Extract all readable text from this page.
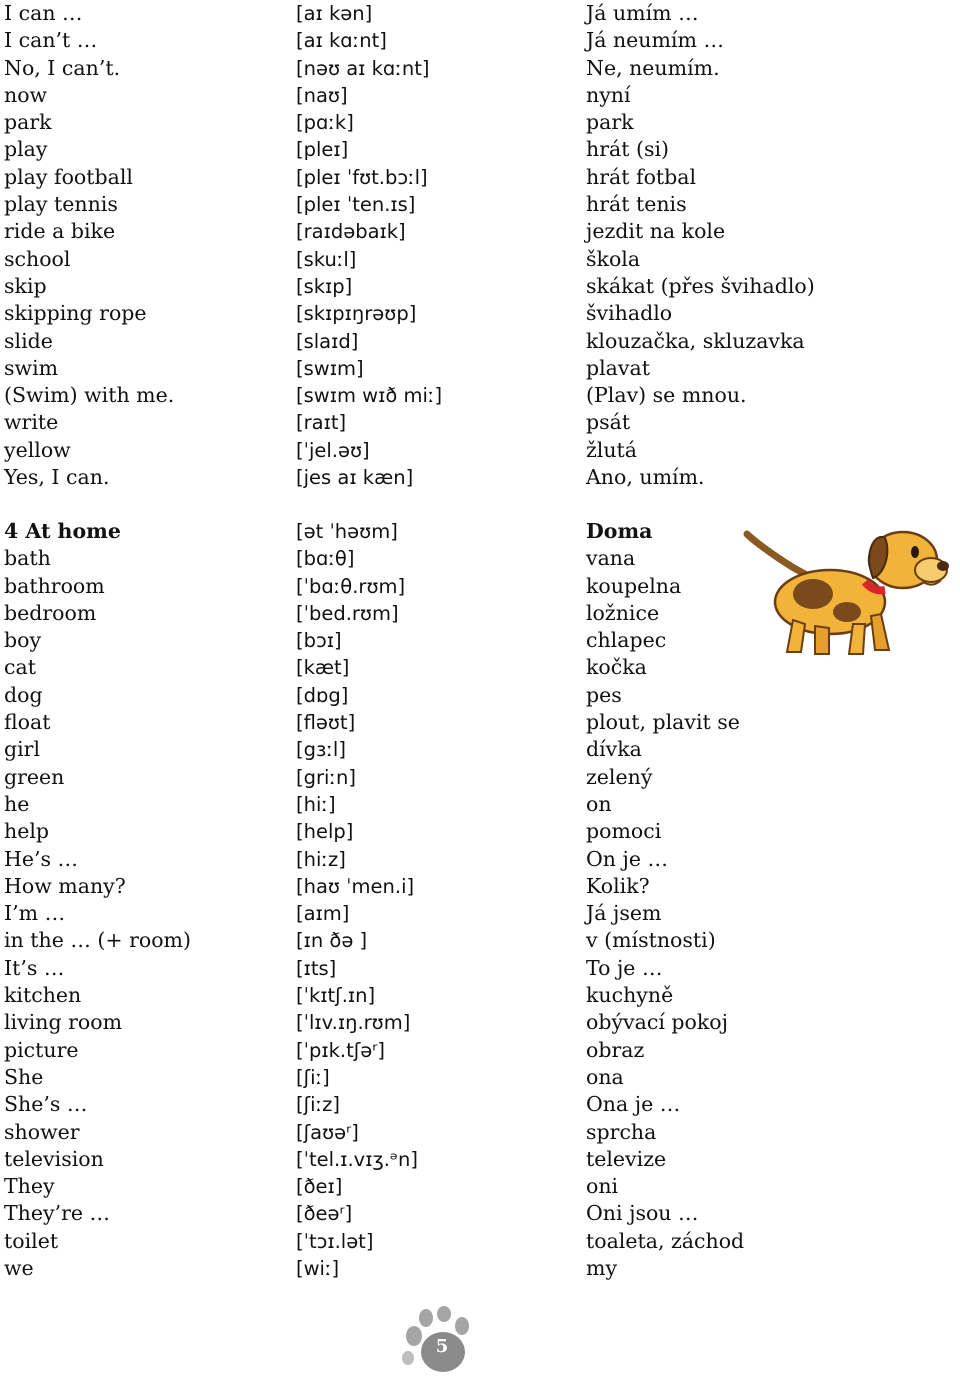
I can …	[aɪ kən]	Já umím …
I can’t …	[aɪ kɑːnt]	Já neumím …
No, I can’t.	[nəʊ aɪ kɑːnt]	Ne, neumím.
now	[naʊ]	nyní
park	[pɑːk]	park
play	[pleɪ]	hrát (si)
play football	[pleɪ ˈfʊt.bɔːl]	hrát fotbal
play tennis	[pleɪ ˈten.ɪs]	hrát tenis
ride a bike	[raɪdəbaɪk]	jezdit na kole
school	[skuːl]	škola
skip	[skɪp]	skákat (přes švihadlo)
skipping rope	[skɪpɪŋrəʊp]	švihadlo
slide	[slaɪd]	klouzačka, skluzavka
swim	[swɪm]	plavat
(Swim) with me.	[swɪm wɪð miː]	(Plav) se mnou.
write	[raɪt]	psát
yellow	[ˈjel.əʊ]	žlutá
Yes, I can.	[jes aɪ kæn]	Ano, umím.
4 At home	[ət ˈhəʊm]	Doma
bath	[bɑːθ]	vana
bathroom	[ˈbɑːθ.rʊm]	koupelna
bedroom	[ˈbed.rʊm]	ložnice
boy	[bɔɪ]	chlapec
cat	[kæt]	kočka
dog	[dɒg]	pes
float	[fləʊt]	plout, plavit se
girl	[gɜːl]	dívka
green	[griːn]	zelený
he	[hiː]	on
help	[help]	pomoci
He’s …	[hiːz]	On je …
How many?	[haʊ ˈmen.i]	Kolik?
I’m …	[aɪm]	Já jsem
in the … (+ room)	[ɪn ðə ]	v (místnosti)
It’s …	[ɪts]	To je …
kitchen	[ˈkɪtʃ.ɪn]	kuchyně
living room	[ˈlɪv.ɪŋ.rʊm]	obývací pokoj
picture	[ˈpɪk.tʃəʳ]	obraz
She	[ʃiː]	ona
She’s …	[ʃiːz]	Ona je …
shower	[ʃaʊəʳ]	sprcha
television	[ˈtel.ɪ.vɪʒ.ᵊn]	televize
They	[ðeɪ]	oni
They’re …	[ðeəʳ]	Oni jsou …
toilet	[ˈtɔɪ.lət]	toaleta, záchod
we	[wiː]	my
5
